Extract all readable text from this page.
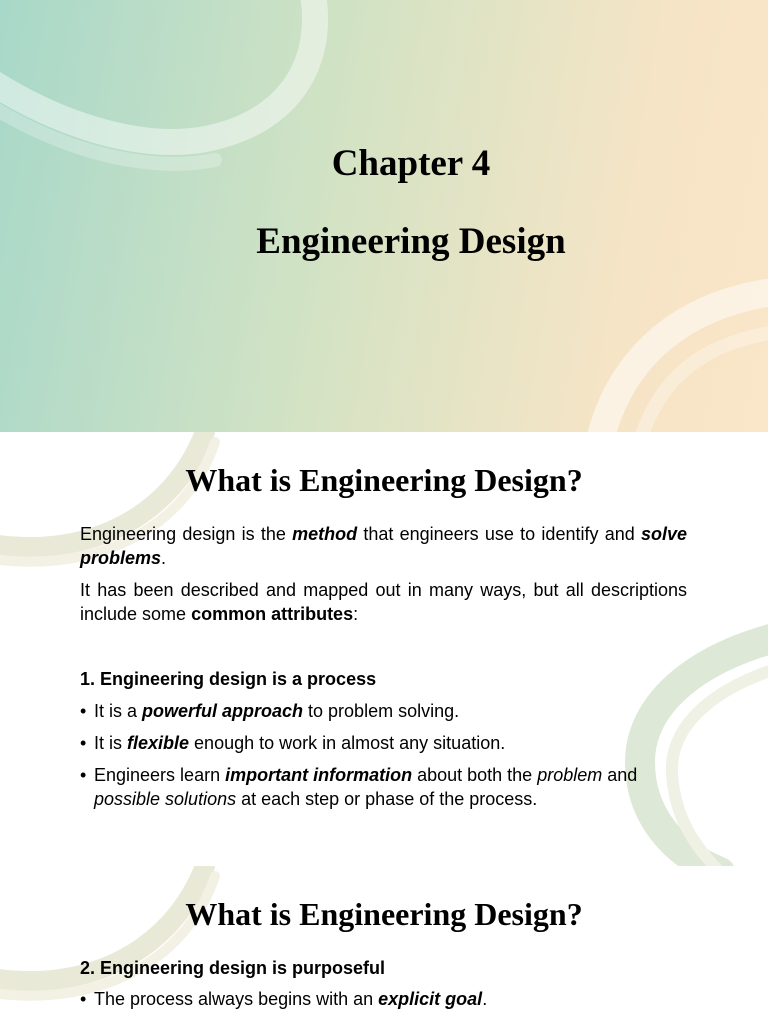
Chapter 4
Engineering Design
What is Engineering Design?
Engineering design is the method that engineers use to identify and solve problems.
It has been described and mapped out in many ways, but all descriptions include some common attributes:
1. Engineering design is a process
• It is a powerful approach to problem solving.
• It is flexible enough to work in almost any situation.
• Engineers learn important information about both the problem and possible solutions at each step or phase of the process.
What is Engineering Design?
2. Engineering design is purposeful
• The process always begins with an explicit goal.
